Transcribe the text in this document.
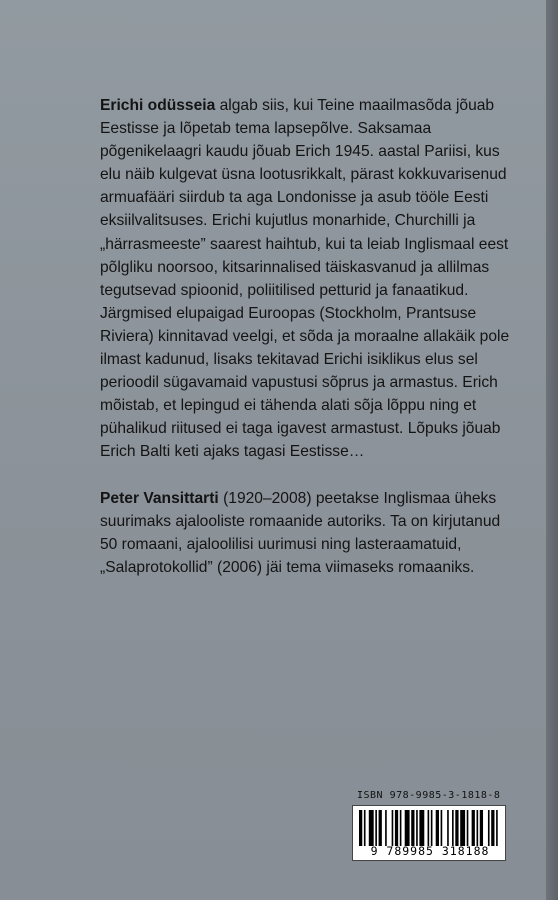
Erichi odüsseia algab siis, kui Teine maailmasõda jõuab Eestisse ja lõpetab tema lapsepõlve. Saksamaa põgenikelaagri kaudu jõuab Erich 1945. aastal Pariisi, kus elu näib kulgevat üsna lootusrikkalt, pärast kokkuvarisenud armuafääri siirdub ta aga Londonisse ja asub tööle Eesti eksiilvalitsuses. Erichi kujutlus monarhide, Churchilli ja „härrasmeeste” saarest haihtub, kui ta leiab Inglismaal eest põlgliku noorsoo, kitsarinnalised täiskasvanud ja allilmas tegutsevad spioonid, poliitilised petturid ja fanaatikud. Järgmised elupaigad Euroopas (Stockholm, Prantsuse Riviera) kinnitavad veelgi, et sõda ja moraalne allakäik pole ilmast kadunud, lisaks tekitavad Erichi isiklikus elus sel perioodil sügavamaid vapustusi sõprus ja armastus. Erich mõistab, et lepingud ei tähenda alati sõja lõppu ning et pühalikud riitused ei taga igavest armastust. Lõpuks jõuab Erich Balti keti ajaks tagasi Eestisse…

Peter Vansittarti (1920–2008) peetakse Inglismaa üheks suurimaks ajalooliste romaanide autoriks. Ta on kirjutanud 50 romaani, ajaloolilisi uurimusi ning lasteraamatuid, „Salaprotokollid” (2006) jäi tema viimaseks romaaniks.

ISBN 978-9985-3-1818-8
9 789985 318188
